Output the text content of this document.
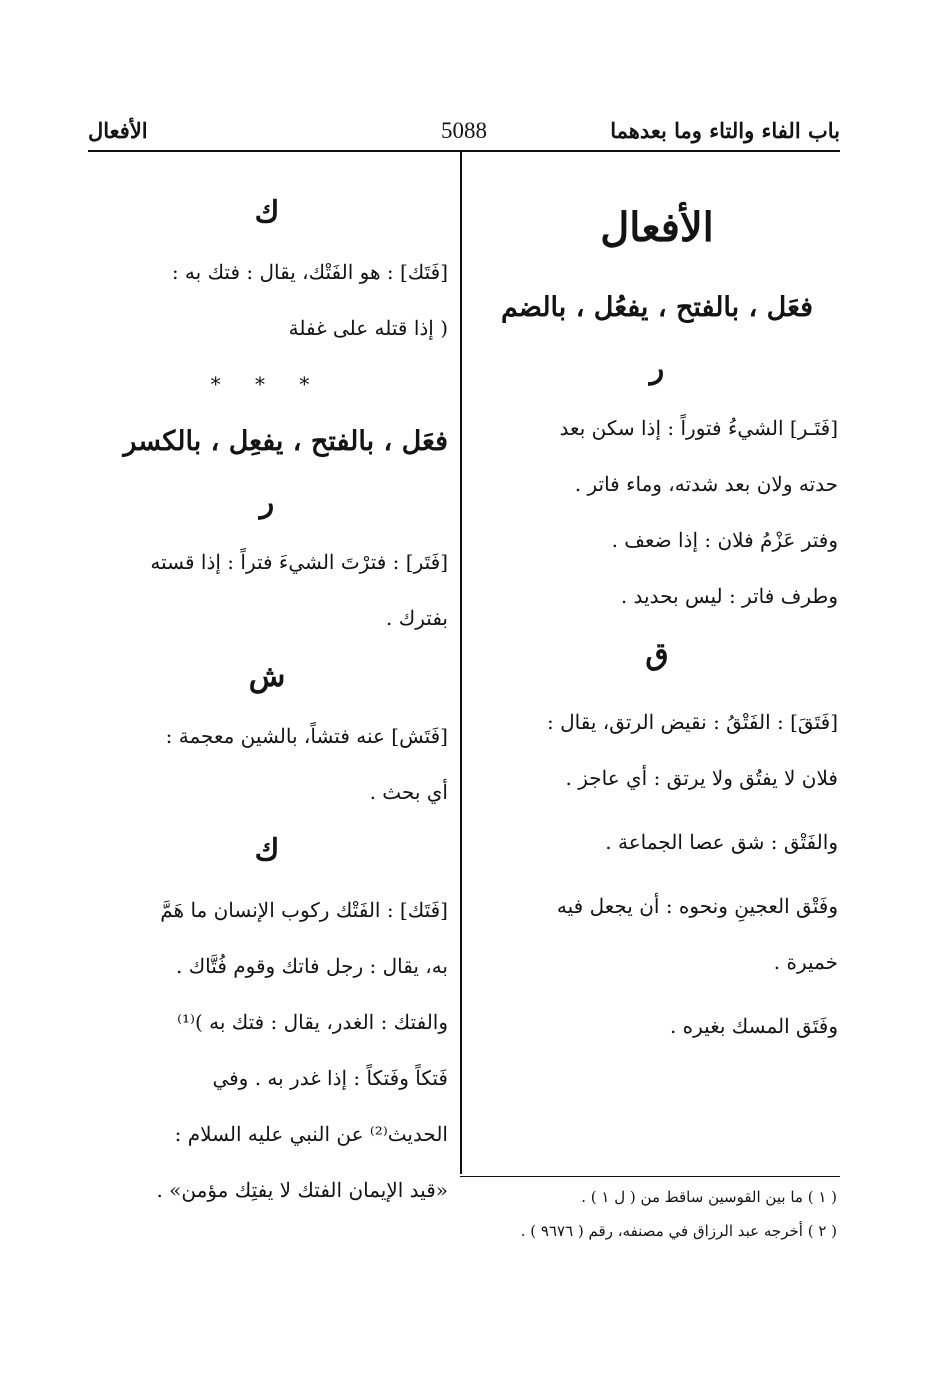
باب الفاء والتاء وما بعدهما
5088
الأفعال
الأفعال
فعَل ، بالفتح ، يفعُل ، بالضم
ر

[فَتَـر] الشيءُ فتوراً : إذا سكن بعد

حدته ولان بعد شدته، وماء فاتر .

وفتر عَزْمُ فلان : إذا ضعف .

وطرف فاتر : ليس بحديد .

ق

[فَتَقَ] : الفَتْقُ : نقيض الرتق، يقال :

فلان لا يفتُق ولا يرتق : أي عاجز .

والفَتْق : شق عصا الجماعة .

وفَتْق العجينِ ونحوه : أن يجعل فيه

خميرة .

وفَتَق المسك بغيره .

ك

[فَتَك] : هو الفَتْك، يقال : فتك به :

( إذا قتله على غفلة

* * *
فعَل ، بالفتح ، يفعِل ، بالكسر
ر

[فَتَر] : فترْتَ الشيءَ فتراً : إذا قسته

بفترك .

ش

[فَتَش] عنه فتشاً، بالشين معجمة :

أي بحث .

ك

[فَتَك] : الفَتْك ركوب الإنسان ما هَمَّ

به، يقال : رجل فاتك وقوم فُتَّاك .

والفتك : الغدر، يقال : فتك به )⁽¹⁾

فَتكاً وفَتكاً : إذا غدر به . وفي

الحديث⁽²⁾ عن النبي عليه السلام :

«قيد الإيمان الفتك لا يفتِك مؤمن» .	( ١ ) ما بين القوسين ساقط من ( ل ١ ) .
( ٢ ) أخرجه عبد الرزاق في مصنفه، رقم ( ٩٦٧٦ ) .
